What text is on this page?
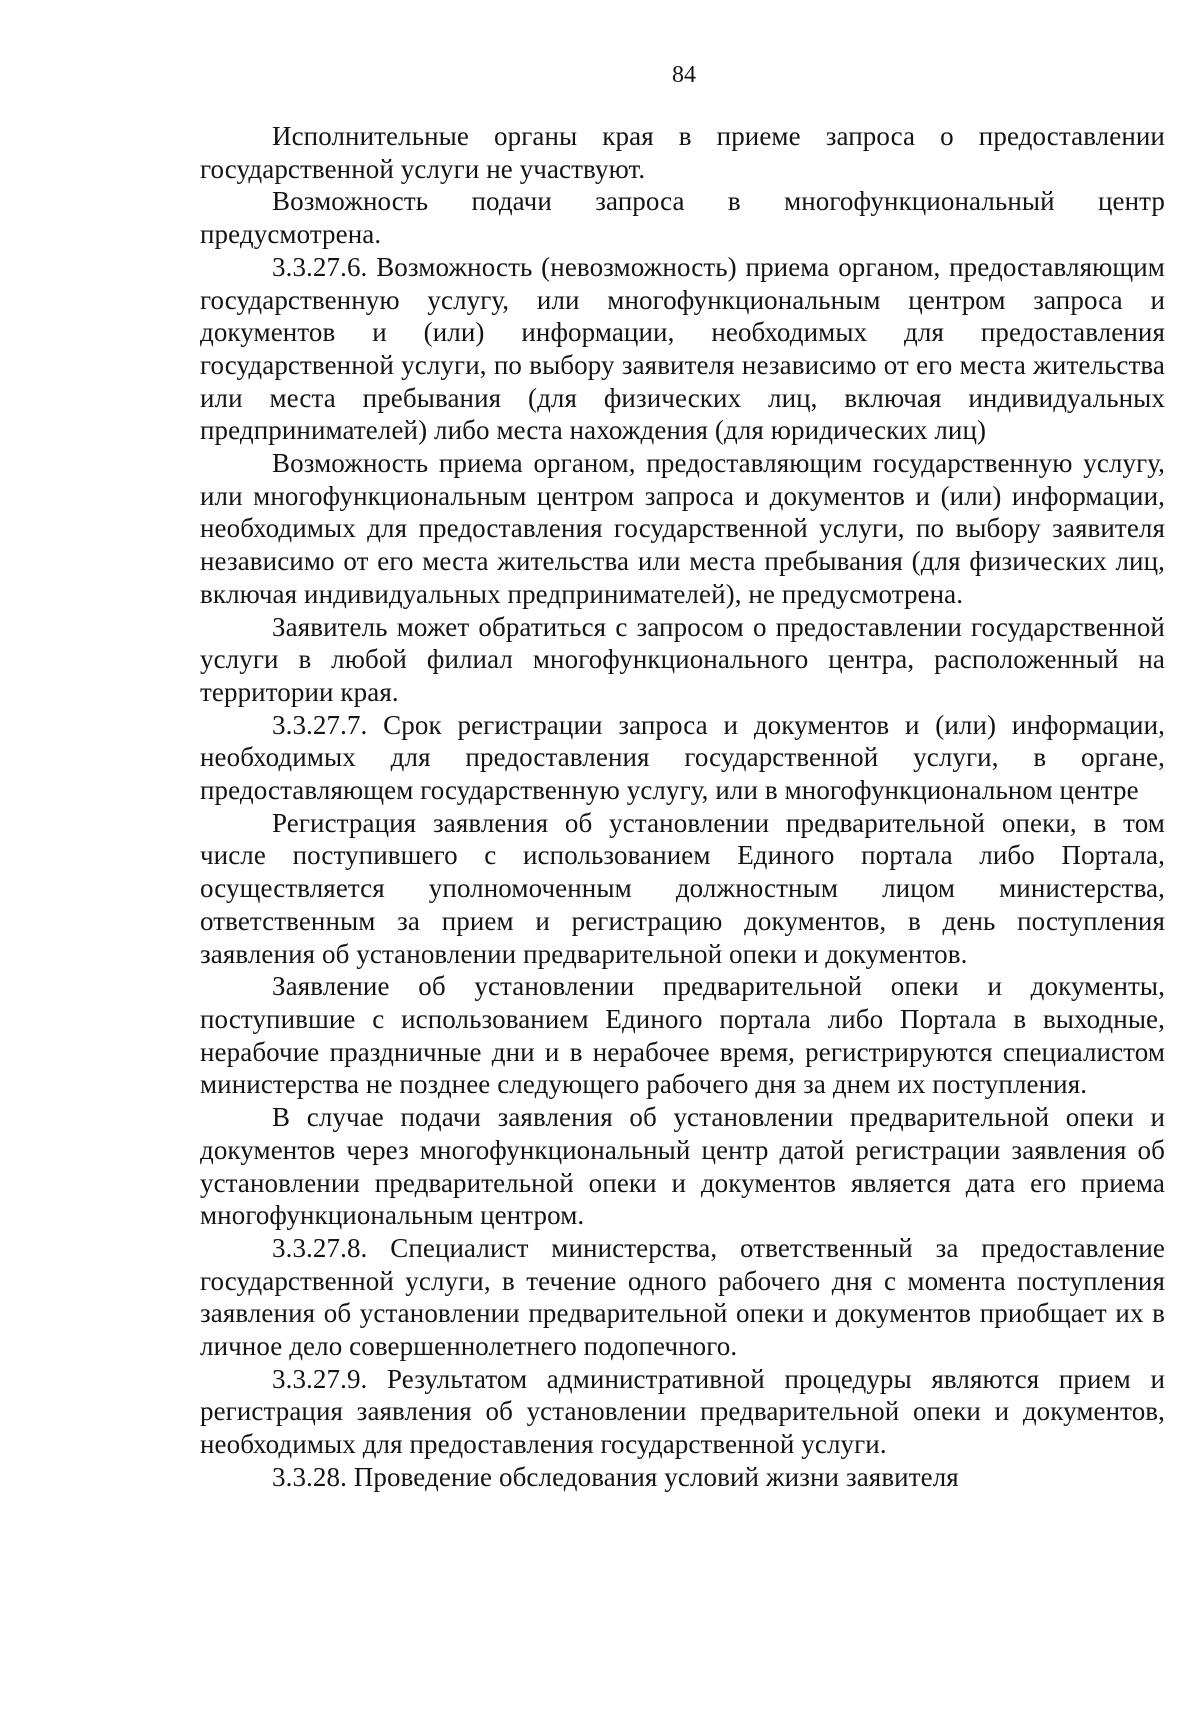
84

Исполнительные органы края в приеме запроса о предоставлении государственной услуги не участвуют.

Возможность подачи запроса в многофункциональный центр предусмотрена.

3.3.27.6. Возможность (невозможность) приема органом, предоставляющим государственную услугу, или многофункциональным центром запроса и документов и (или) информации, необходимых для предоставления государственной услуги, по выбору заявителя независимо от его места жительства или места пребывания (для физических лиц, включая индивидуальных предпринимателей) либо места нахождения (для юридических лиц)

Возможность приема органом, предоставляющим государственную услугу, или многофункциональным центром запроса и документов и (или) информации, необходимых для предоставления государственной услуги, по выбору заявителя независимо от его места жительства или места пребывания (для физических лиц, включая индивидуальных предпринимателей), не предусмотрена.

Заявитель может обратиться с запросом о предоставлении государственной услуги в любой филиал многофункционального центра, расположенный на территории края.

3.3.27.7. Срок регистрации запроса и документов и (или) информации, необходимых для предоставления государственной услуги, в органе, предоставляющем государственную услугу, или в многофункциональном центре

Регистрация заявления об установлении предварительной опеки, в том числе поступившего с использованием Единого портала либо Портала, осуществляется уполномоченным должностным лицом министерства, ответственным за прием и регистрацию документов, в день поступления заявления об установлении предварительной опеки и документов.

Заявление об установлении предварительной опеки и документы, поступившие с использованием Единого портала либо Портала в выходные, нерабочие праздничные дни и в нерабочее время, регистрируются специалистом министерства не позднее следующего рабочего дня за днем их поступления.

В случае подачи заявления об установлении предварительной опеки и документов через многофункциональный центр датой регистрации заявления об установлении предварительной опеки и документов является дата его приема многофункциональным центром.

3.3.27.8. Специалист министерства, ответственный за предоставление государственной услуги, в течение одного рабочего дня с момента поступления заявления об установлении предварительной опеки и документов приобщает их в личное дело совершеннолетнего подопечного.

3.3.27.9. Результатом административной процедуры являются прием и регистрация заявления об установлении предварительной опеки и документов, необходимых для предоставления государственной услуги.

3.3.28. Проведение обследования условий жизни заявителя
